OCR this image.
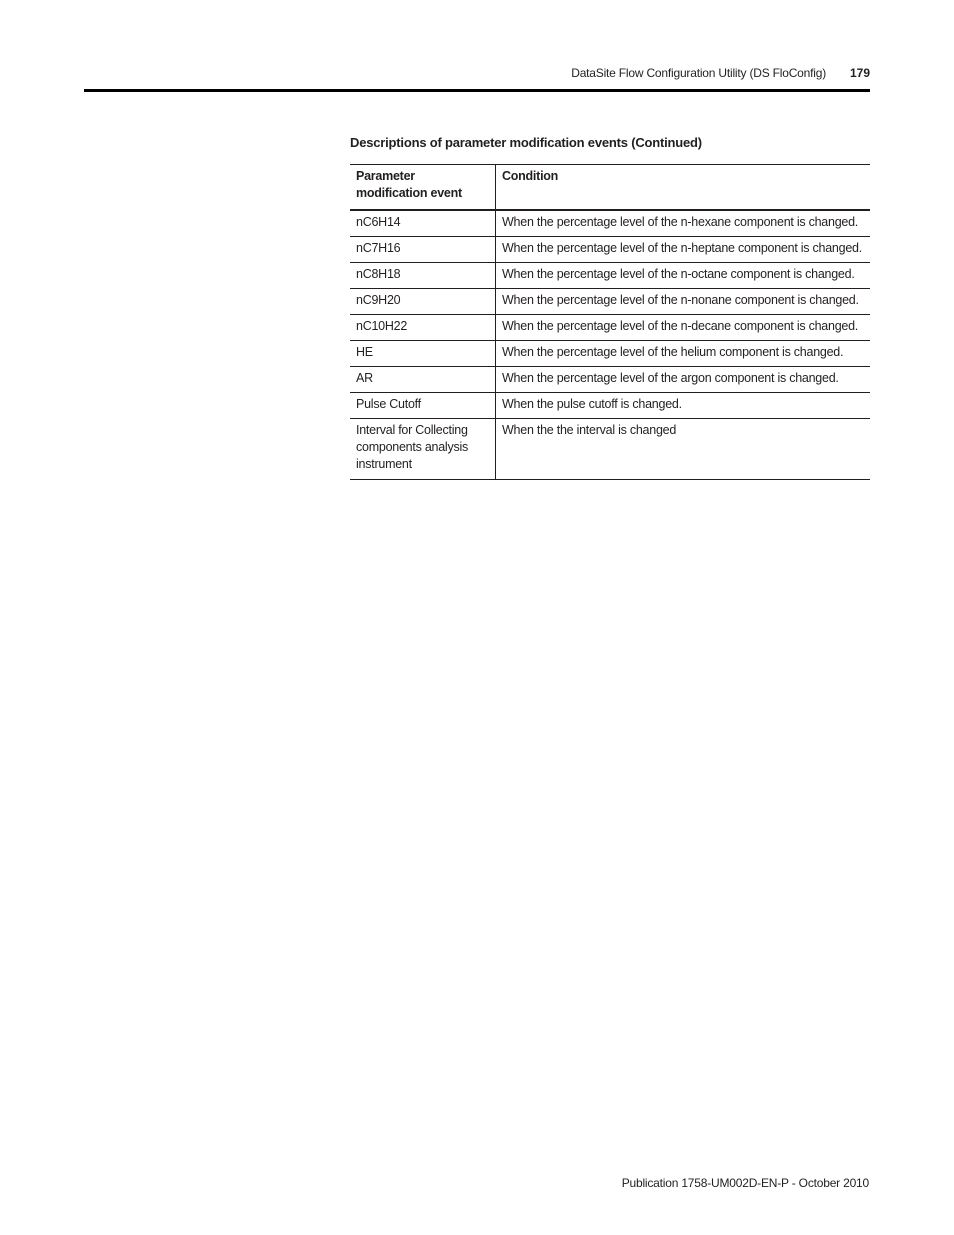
DataSite Flow Configuration Utility (DS FloConfig) 179
Descriptions of parameter modification events (Continued)
Parameter modification event	Condition
nC6H14	When the percentage level of the n-hexane component is changed.
nC7H16	When the percentage level of the n-heptane component is changed.
nC8H18	When the percentage level of the n-octane component is changed.
nC9H20	When the percentage level of the n-nonane component is changed.
nC10H22	When the percentage level of the n-decane component is changed.
HE	When the percentage level of the helium component is changed.
AR	When the percentage level of the argon component is changed.
Pulse Cutoff	When the pulse cutoff is changed.
Interval for Collecting components analysis instrument	When the the interval is changed
Publication 1758-UM002D-EN-P - October 2010
